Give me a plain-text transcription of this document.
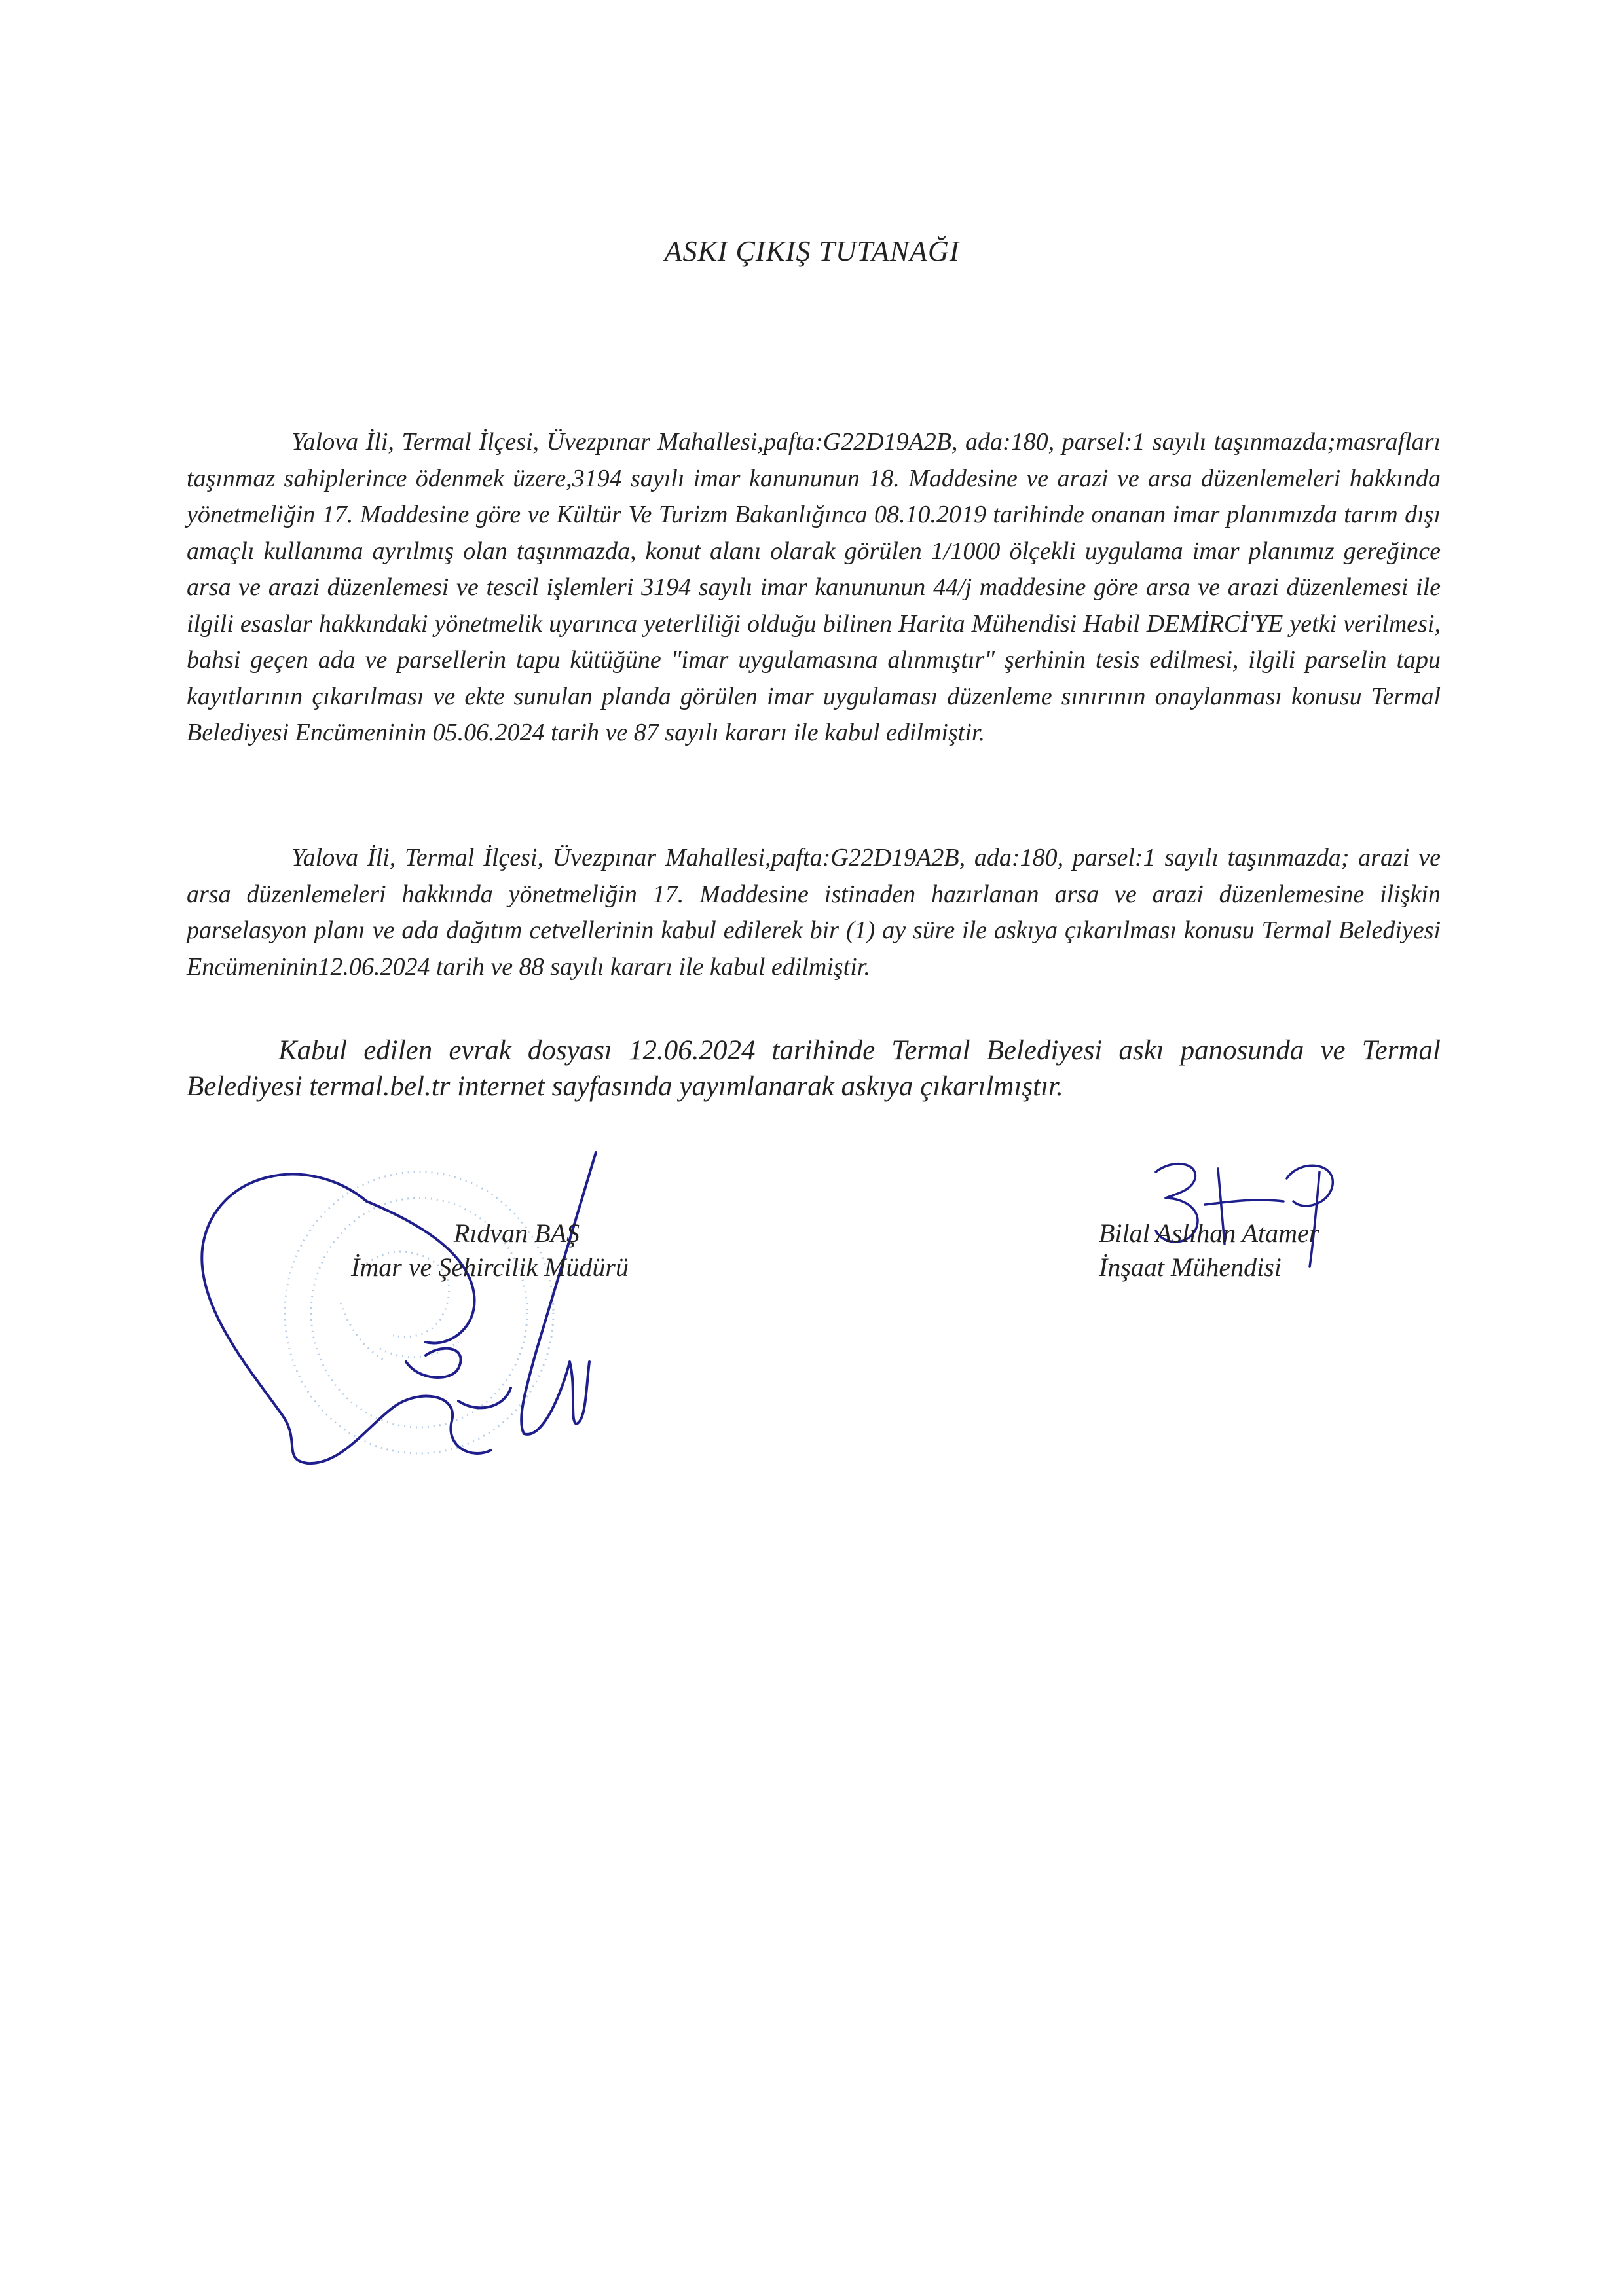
ASKI ÇIKIŞ TUTANAĞI

Yalova İli, Termal İlçesi, Üvezpınar Mahallesi,pafta:G22D19A2B, ada:180, parsel:1 sayılı taşınmazda;masrafları taşınmaz sahiplerince ödenmek üzere,3194 sayılı imar kanununun 18. Maddesine ve arazi ve arsa düzenlemeleri hakkında yönetmeliğin 17. Maddesine göre ve Kültür Ve Turizm Bakanlığınca 08.10.2019 tarihinde onanan imar planımızda tarım dışı amaçlı kullanıma ayrılmış olan taşınmazda, konut alanı olarak görülen 1/1000 ölçekli uygulama imar planımız gereğince arsa ve arazi düzenlemesi ve tescil işlemleri 3194 sayılı imar kanununun 44/j maddesine göre arsa ve arazi düzenlemesi ile ilgili esaslar hakkındaki yönetmelik uyarınca yeterliliği olduğu bilinen Harita Mühendisi Habil DEMİRCİ'YE yetki verilmesi, bahsi geçen ada ve parsellerin tapu kütüğüne "imar uygulamasına alınmıştır" şerhinin tesis edilmesi, ilgili parselin tapu kayıtlarının çıkarılması ve ekte sunulan planda görülen imar uygulaması düzenleme sınırının onaylanması konusu Termal Belediyesi Encümeninin 05.06.2024 tarih ve 87 sayılı kararı ile kabul edilmiştir.

Yalova İli, Termal İlçesi, Üvezpınar Mahallesi,pafta:G22D19A2B, ada:180, parsel:1 sayılı taşınmazda; arazi ve arsa düzenlemeleri hakkında yönetmeliğin 17. Maddesine istinaden hazırlanan arsa ve arazi düzenlemesine ilişkin parselasyon planı ve ada dağıtım cetvellerinin kabul edilerek bir (1) ay süre ile askıya çıkarılması konusu Termal Belediyesi Encümeninin12.06.2024 tarih ve 88 sayılı kararı ile kabul edilmiştir.

Kabul edilen evrak dosyası 12.06.2024 tarihinde Termal Belediyesi askı panosunda ve Termal Belediyesi termal.bel.tr internet sayfasında yayımlanarak askıya çıkarılmıştır.

Rıdvan BAŞ
İmar ve Şehircilik Müdürü
Bilal Aslıhan Atamer
İnşaat Mühendisi
